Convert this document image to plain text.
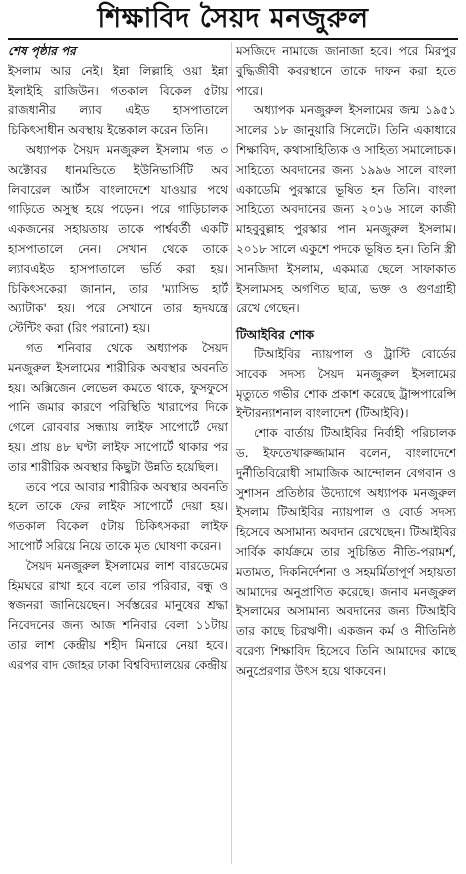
শিক্ষাবিদ সৈয়দ মনজুরুল
শেষ পৃষ্ঠার পর

ইসলাম আর নেই। ইন্না লিল্লাহি ওয়া ইন্না ইলাইহি রাজিউন। গতকাল বিকেল ৫টায় রাজধানীর ল্যাব এইড হাসপাতালে চিকিৎসাধীন অবস্থায় ইন্তেকাল করেন তিনি।

অধ্যাপক সৈয়দ মনজুরুল ইসলাম গত ৩ অক্টোবর ধানমন্ডিতে ইউনিভার্সিটি অব লিবারেল আর্টস বাংলাদেশে যাওয়ার পথে গাড়িতে অসুস্থ হয়ে পড়েন। পরে গাড়িচালক একজনের সহায়তায় তাকে পার্শ্ববর্তী একটি হাসপাতালে নেন। সেখান থেকে তাকে ল্যাবএইড হাসপাতালে ভর্তি করা হয়। চিকিৎসকেরা জানান, তার 'ম্যাসিভ হার্ট অ্যাটাক' হয়। পরে সেখানে তার হৃদযন্ত্রে স্টেন্টিং করা (রিং পরানো) হয়।

গত শনিবার থেকে অধ্যাপক সৈয়দ মনজুরুল ইসলামের শারীরিক অবস্থার অবনতি হয়। অক্সিজেন লেভেল কমতে থাকে, ফুসফুসে পানি জমার কারণে পরিস্থিতি খারাপের দিকে গেলে রোববার সন্ধ্যায় লাইফ সাপোর্টে দেয়া হয়। প্রায় ৪৮ ঘণ্টা লাইফ সাপোর্টে থাকার পর তার শারীরিক অবস্থার কিছুটা উন্নতি হয়েছিল।

তবে পরে আবার শারীরিক অবস্থার অবনতি হলে তাকে ফের লাইফ সাপোর্টে দেয়া হয়। গতকাল বিকেল ৫টায় চিকিৎসকরা লাইফ সাপোর্ট সরিয়ে নিয়ে তাকে মৃত ঘোষণা করেন।

সৈয়দ মনজুরুল ইসলামের লাশ বারডেমের হিমঘরে রাখা হবে বলে তার পরিবার, বন্ধু ও স্বজনরা জানিয়েছেন। সর্বস্তরের মানুষের শ্রদ্ধা নিবেদনের জন্য আজ শনিবার বেলা ১১টায় তার লাশ কেন্দ্রীয় শহীদ মিনারে নেয়া হবে। এরপর বাদ জোহর ঢাকা বিশ্ববিদ্যালয়ের কেন্দ্রীয়

মসজিদে নামাজে জানাজা হবে। পরে মিরপুর বুদ্ধিজীবী কবরস্থানে তাকে দাফন করা হতে পারে।

অধ্যাপক মনজুরুল ইসলামের জন্ম ১৯৫১ সালের ১৮ জানুয়ারি সিলেটে। তিনি একাধারে শিক্ষাবিদ, কথাসাহিত্যিক ও সাহিত্য সমালোচক। সাহিত্যে অবদানের জন্য ১৯৯৬ সালে বাংলা একাডেমি পুরস্কারে ভূষিত হন তিনি। বাংলা সাহিত্যে অবদানের জন্য ২০১৬ সালে কাজী মাহবুবুল্লাহ পুরস্কার পান মনজুরুল ইসলাম। ২০১৮ সালে একুশে পদকে ভূষিত হন। তিনি স্ত্রী সানজিদা ইসলাম, একমাত্র ছেলে সাফাকাত ইসলামসহ অগণিত ছাত্র, ভক্ত ও গুণগ্রাহী রেখে গেছেন।

টিআইবির শোক

টিআইবির ন্যায়পাল ও ট্রাস্টি বোর্ডের সাবেক সদস্য সৈয়দ মনজুরুল ইসলামের মৃত্যুতে গভীর শোক প্রকাশ করেছে ট্রান্সপারেন্সি ইন্টারন্যাশনাল বাংলাদেশ (টিআইবি)।

শোক বার্তায় টিআইবির নির্বাহী পরিচালক ড. ইফতেখারুজ্জামান বলেন, বাংলাদেশে দুর্নীতিবিরোধী সামাজিক আন্দোলন বেগবান ও সুশাসন প্রতিষ্ঠার উদ্যোগে অধ্যাপক মনজুরুল ইসলাম টিআইবির ন্যায়পাল ও বোর্ড সদস্য হিসেবে অসামান্য অবদান রেখেছেন। টিআইবির সার্বিক কার্যক্রমে তার সুচিন্তিত নীতি-পরামর্শ, মতামত, দিকনির্দেশনা ও সহমর্মিতাপূর্ণ সহায়তা আমাদের অনুপ্রাণিত করেছে। জনাব মনজুরুল ইসলামের অসামান্য অবদানের জন্য টিআইবি তার কাছে চিরঋণী। একজন কর্ম ও নীতিনিষ্ঠ বরেণ্য শিক্ষাবিদ হিসেবে তিনি আমাদের কাছে অনুপ্রেরণার উৎস হয়ে থাকবেন।
